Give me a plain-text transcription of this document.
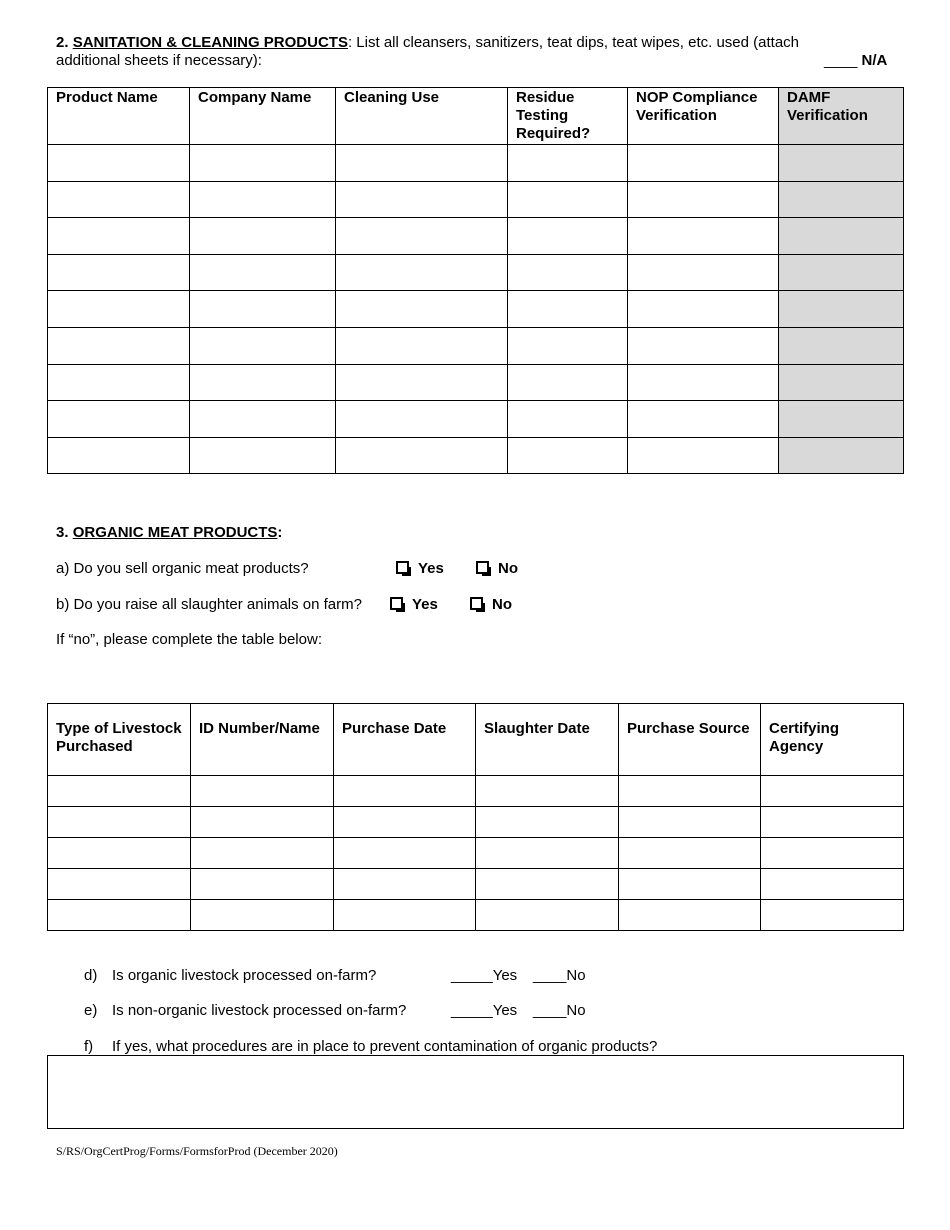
2. SANITATION & CLEANING PRODUCTS: List all cleansers, sanitizers, teat dips, teat wipes, etc. used (attach
additional sheets if necessary):	____ N/A
Product Name	Company Name	Cleaning Use	Residue Testing Required?	NOP Compliance Verification	DAMF Verification

3. ORGANIC MEAT PRODUCTS:
a) Do you sell organic meat products?	Yes	No
b) Do you raise all slaughter animals on farm?	Yes	No
If “no”, please complete the table below:
Type of Livestock Purchased	ID Number/Name	Purchase Date	Slaughter Date	Purchase Source	Certifying Agency

d) Is organic livestock processed on-farm?	_____Yes ____No
e) Is non-organic livestock processed on-farm?	_____Yes ____No
f) If yes, what procedures are in place to prevent contamination of organic products?
S/RS/OrgCertProg/Forms/FormsforProd (December 2020)
